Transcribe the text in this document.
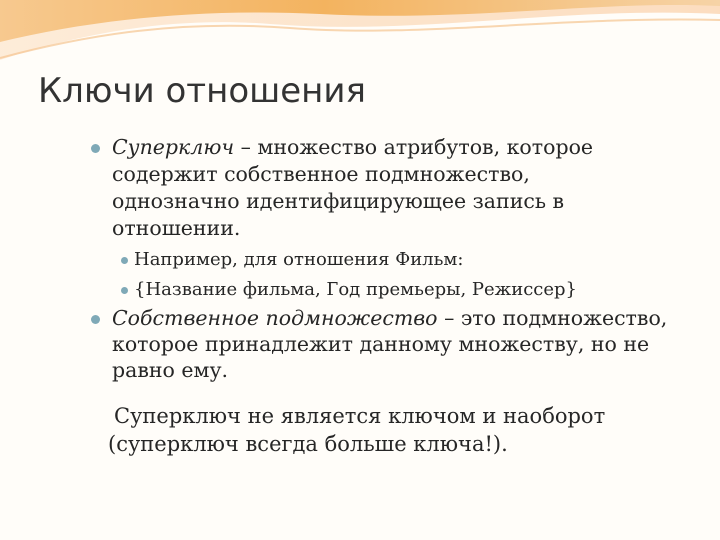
Ключи отношения

Суперключ – множество атрибутов, которое
содержит собственное подмножество,
однозначно идентифицирующее запись в
отношении.

Например, для отношения Фильм:

{Название фильма, Год премьеры, Режиссер}

Собственное подмножество – это подмножество,
которое принадлежит данному множеству, но не
равно ему.

Суперключ не является ключом и наоборот
(суперключ всегда больше ключа!).
